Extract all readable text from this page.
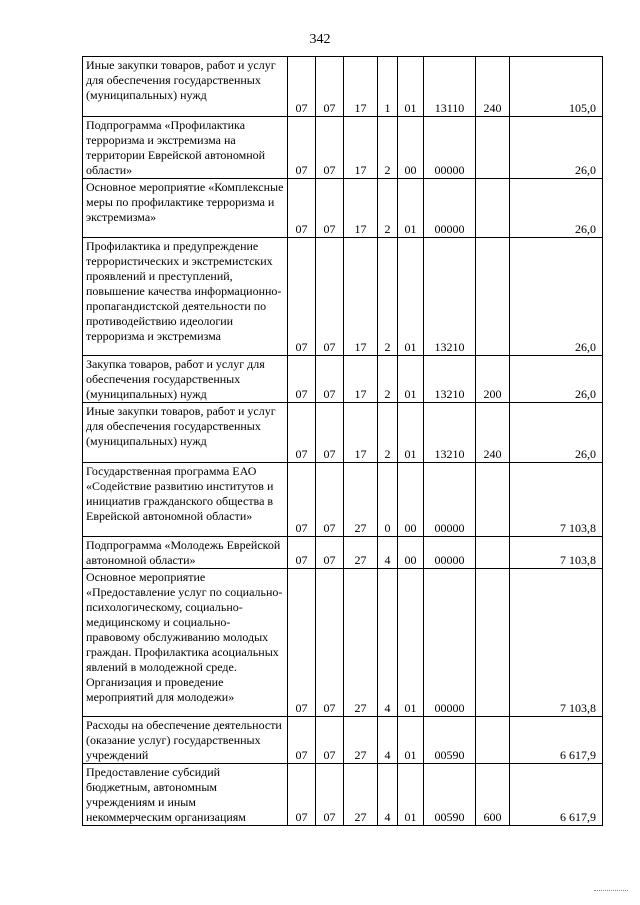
342
Иные закупки товаров, работ и услуг для обеспечения государственных (муниципальных) нужд	07	07	17	1	01	13110	240	105,0
Подпрограмма «Профилактика терроризма и экстремизма на территории Еврейской автономной области»	07	07	17	2	00	00000		26,0
Основное мероприятие «Комплексные меры по профилактике терроризма и экстремизма»	07	07	17	2	01	00000		26,0
Профилактика и предупреждение террористических и экстремистских проявлений и преступлений, повышение качества информационно-пропагандистской деятельности по противодействию идеологии терроризма и экстремизма	07	07	17	2	01	13210		26,0
Закупка товаров, работ и услуг для обеспечения государственных (муниципальных) нужд	07	07	17	2	01	13210	200	26,0
Иные закупки товаров, работ и услуг для обеспечения государственных (муниципальных) нужд	07	07	17	2	01	13210	240	26,0
Государственная программа ЕАО «Содействие развитию институтов и инициатив гражданского общества в Еврейской автономной области»	07	07	27	0	00	00000		7 103,8
Подпрограмма «Молодежь Еврейской автономной области»	07	07	27	4	00	00000		7 103,8
Основное мероприятие «Предоставление услуг по социально-психологическому, социально-медицинскому и социально-правовому обслуживанию молодых граждан. Профилактика асоциальных явлений в молодежной среде. Организация и проведение мероприятий для молодежи»	07	07	27	4	01	00000		7 103,8
Расходы на обеспечение деятельности (оказание услуг) государственных учреждений	07	07	27	4	01	00590		6 617,9
Предоставление субсидий бюджетным, автономным учреждениям и иным некоммерческим организациям	07	07	27	4	01	00590	600	6 617,9
